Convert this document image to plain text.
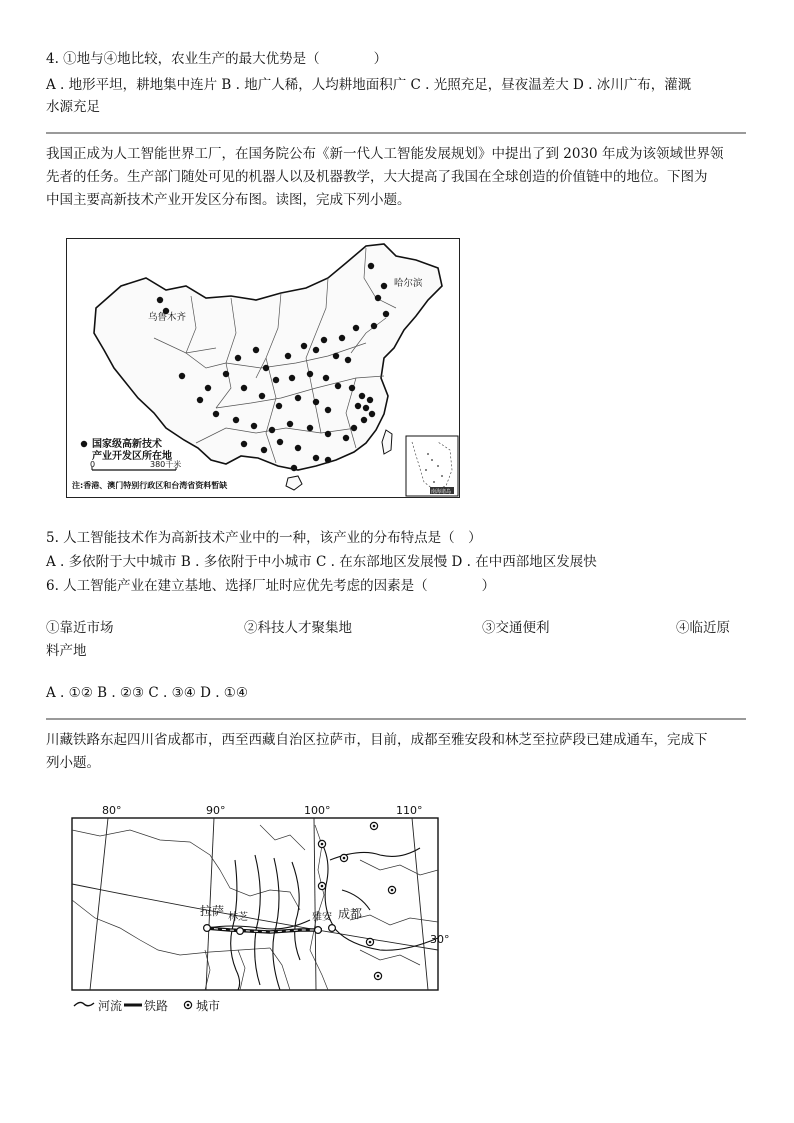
4. ①地与④地比较，农业生产的最大优势是（　　　　）
A . 地形平坦，耕地集中连片 B . 地广人稀，人均耕地面积广 C . 光照充足，昼夜温差大 D . 冰川广布，灌溉
水源充足
我国正成为人工智能世界工厂，在国务院公布《新一代人工智能发展规划》中提出了到 2030 年成为该领域世界领
先者的任务。生产部门随处可见的机器人以及机器教学，大大提高了我国在全球创造的价值链中的地位。下图为
中国主要高新技术产业开发区分布图。读图，完成下列小题。
乌鲁木齐
哈尔滨
国家级高新技术
产业开发区所在地
0	380千米
注:香港、澳门特别行政区和台湾省资料暂缺
南海诸岛
5. 人工智能技术作为高新技术产业中的一种，该产业的分布特点是（　）
A . 多依附于大中城市 B . 多依附于中小城市 C . 在东部地区发展慢 D . 在中西部地区发展快
6. 人工智能产业在建立基地、选择厂址时应优先考虑的因素是（　　　　）
①靠近市场	②科技人才聚集地	③交通便利	④临近原
料产地
A . ①② B . ②③ C . ③④ D . ①④
川藏铁路东起四川省成都市，西至西藏自治区拉萨市，目前，成都至雅安段和林芝至拉萨段已建成通车，完成下
列小题。
80°	90°	100°	110°
拉萨 林芝	雅安 成都
30°
河流 铁路 城市
